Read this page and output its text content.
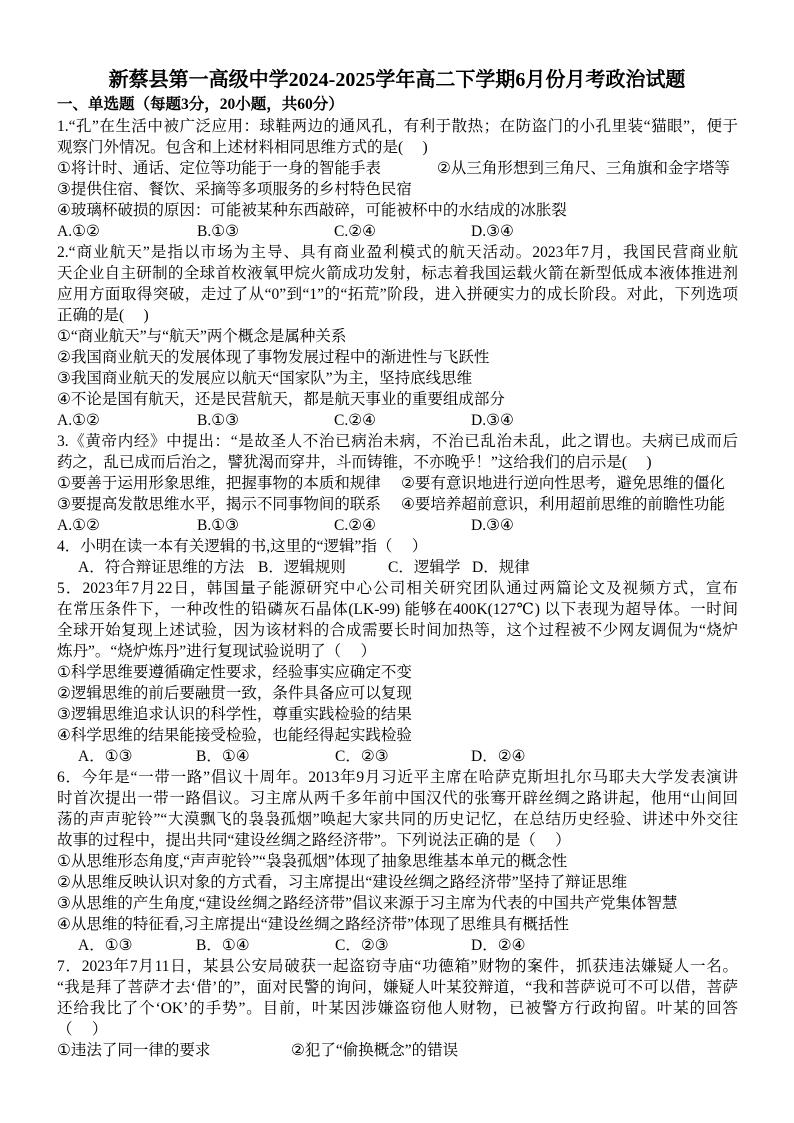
新蔡县第一高级中学2024-2025学年高二下学期6月份月考政治试题
一、单选题（每题3分，20小题，共60分）
1.“孔”在生活中被广泛应用：球鞋两边的通风孔，有利于散热；在防盗门的小孔里装“猫眼”，便于
观察门外情况。包含和上述材料相同思维方式的是(     )

①将计时、通话、定位等功能于一身的智能手表

	②从三角形想到三角尺、三角旗和金字塔等

③提供住宿、餐饮、采摘等多项服务的乡村特色民宿
④玻璃杯破损的原因：可能被某种东西敲碎，可能被杯中的水结成的冰胀裂

A.①②

	B.①③

	C.②④

	D.③④

2.“商业航天”是指以市场为主导、具有商业盈利模式的航天活动。2023年7月，我国民营商业航
天企业自主研制的全球首枚液氧甲烷火箭成功发射，标志着我国运载火箭在新型低成本液体推进剂
应用方面取得突破，走过了从“0”到“1”的“拓荒”阶段，进入拼硬实力的成长阶段。对此，下列选项
正确的是(     )
①“商业航天”与“航天”两个概念是属种关系
②我国商业航天的发展体现了事物发展过程中的渐进性与飞跃性
③我国商业航天的发展应以航天“国家队”为主，坚持底线思维
④不论是国有航天，还是民营航天，都是航天事业的重要组成部分

A.①②

	B.①③

	C.②④

	D.③④

3.《黄帝内经》中提出：“是故圣人不治已病治未病，不治已乱治未乱，此之谓也。夫病已成而后
药之，乱已成而后治之，譬犹渴而穿井，斗而铸锥，不亦晚乎！”这给我们的启示是(     )

①要善于运用形象思维，把握事物的本质和规律

②要有意识地进行逆向性思考，避免思维的僵化

③要提高发散思维水平，揭示不同事物间的联系

④要培养超前意识，利用超前思维的前瞻性功能

A.①②

	B.①③

	C.②④

	D.③④

4．小明在读一本有关逻辑的书,这里的“逻辑”指（     ）

A．符合辩证思维的方法

B．逻辑规则

	C．逻辑学

D．规律

5．2023年7月22日，韩国量子能源研究中心公司相关研究团队通过两篇论文及视频方式，宣布
在常压条件下，一种改性的铅磷灰石晶体(LK-99) 能够在400K(127℃) 以下表现为超导体。一时间
全球开始复现上述试验，因为该材料的合成需要长时间加热等，这个过程被不少网友调侃为“烧炉
炼丹”。“烧炉炼丹”进行复现试验说明了（     ）
①科学思维要遵循确定性要求，经验事实应确定不变
②逻辑思维的前后要融贯一致，条件具备应可以复现
③逻辑思维追求认识的科学性，尊重实践检验的结果
④科学思维的结果能接受检验，也能经得起实践检验

A．①③

	B．①④

	C．②③

	D．②④

6．今年是“一带一路”倡议十周年。2013年9月习近平主席在哈萨克斯坦扎尔马耶夫大学发表演讲
时首次提出一带一路倡议。习主席从两千多年前中国汉代的张骞开辟丝绸之路讲起，他用“山间回
荡的声声驼铃”“大漠飘飞的袅袅孤烟”唤起大家共同的历史记忆，在总结历史经验、讲述中外交往
故事的过程中，提出共同“建设丝绸之路经济带”。下列说法正确的是（     ）
①从思维形态角度,“声声驼铃”“袅袅孤烟”体现了抽象思维基本单元的概念性
②从思维反映认识对象的方式看，习主席提出“建设丝绸之路经济带”坚持了辩证思维
③从思维的产生角度,“建设丝绸之路经济带”倡议来源于习主席为代表的中国共产党集体智慧
④从思维的特征看,习主席提出“建设丝绸之路经济带”体现了思维具有概括性

A．①③

	B．①④

	C．②③

	D．②④

7．2023年7月11日，某县公安局破获一起盗窃寺庙“功德箱”财物的案件，抓获违法嫌疑人一名。
“我是拜了菩萨才去‘借’的”，面对民警的询问，嫌疑人叶某狡辩道，“我和菩萨说可不可以借，菩萨
还给我比了个‘OK’的手势”。目前，叶某因涉嫌盗窃他人财物，已被警方行政拘留。叶某的回答
（     ）

①违法了同一律的要求

	②犯了“偷换概念”的错误
